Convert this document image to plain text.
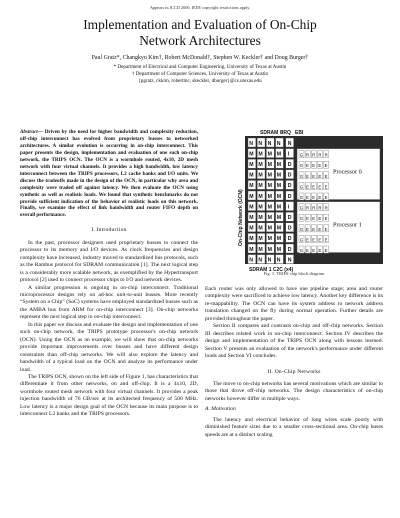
Appears in ICCD 2006. IEEE copyright restrictions apply.
Implementation and Evaluation of On-Chip
Network Architectures
Paul Gratz*, Changkyu Kim†, Robert McDonald†, Stephen W. Keckler† and Doug Burger†
* Department of Electrical and Computer Engineering, University of Texas at Austin
† Department of Computer Sciences, University of Texas at Austin
{pgratz, ckkim, robertmc, skeckler, dburger}@cs.utexas.edu
Abstract— Driven by the need for higher bandwidth and complexity reduction, off-chip interconnect has evolved from proprietary busses to networked architectures. A similar evolution is occurring in on-chip interconnect. This paper presents the design, implementation and evaluation of one such on-chip network, the TRIPS OCN. The OCN is a wormhole routed, 4x10, 2D mesh network with four virtual channels. It provides a high bandwidth, low latency interconnect between the TRIPS processors, L2 cache banks and I/O units. We discuss the tradeoffs made in the design of the OCN, in particular why area and complexity were traded off against latency. We then evaluate the OCN using synthetic as well as realistic loads. We found that synthetic benchmarks do not provide sufficient indication of the behavior of realistic loads on this network. Finally, we examine the effect of link bandwidth and router FIFO depth on overall performance.
I. Introduction

In the past, processor designers used proprietary busses to connect the processor to its memory and I/O devices. As clock frequencies and design complexity have increased, industry moved to standardized bus protocols, such as the Rambus protocol for SDRAM communication [1]. The next logical step is a considerably more scalable network, as exemplified by the Hypertransport protocol [2] used to connect processor chips to I/O and network devices.

A similar progression is ongoing in on-chip interconnect. Traditional microprocessor designs rely on ad-hoc unit-to-unit busses. More recently “System on a Chip” (SoC) systems have employed standardized busses such as the AMBA bus from ARM for on-chip interconnect [3]. On-chip networks represent the next logical step in on-chip interconnect.

In this paper we discuss and evaluate the design and implementation of one such on-chip network, the TRIPS prototype processor's on-chip network (OCN). Using the OCN as an example, we will show that on-chip networks provide important improvements over busses and have different design constraints than off-chip networks. We will also explore the latency and bandwidth of a typical load on the OCN and analyze its performance under load.

The TRIPS OCN, shown on the left side of Figure 1, has characteristics that differentiate it from other networks, on and off-chip. It is a 4x10, 2D, wormhole routed mesh network with four virtual channels. It provides a peak injection bandwidth of 76 GB/sec at its architected frequency of 500 MHz. Low latency is a major design goal of the OCN because its main purpose is to interconnect L2 banks and the TRIPS processors.

SDRAM 0 IRQ EBI
N N N N N
M M M M I
M M M M D
M M M M D
M M M M D
M M M M D
M M M M I
M M M M D
M M M M D
M M M M D
M M M M D
N N N N N
G R R R R
G E E E E
G E E E E
G E E E E
G E E E E
Processor 0
G R R R R
G E E E E
G E E E E
G E E E E
G E E E E
Processor 1
On-Chip Network (OCN)
SDRAM 1 C2C (x4)
Fig. 1. TRIPS chip block diagram

Each router was only allowed to have one pipeline stage; area and router complexity were sacrificed to achieve low latency. Another key difference is its re-mappability. The OCN can have its system address to network address translation changed on the fly during normal operation. Further details are provided throughout the paper.

Section II compares and contrasts on-chip and off-chip networks. Section III describes related work in on-chip interconnect. Section IV describes the design and implementation of the TRIPS OCN along with lessons learned. Section V presents an evaluation of the network's performance under different loads and Section VI concludes.

II. On-Chip Networks

The move to on-chip networks has several motivations which are similar to those that drove off-chip networks. The design characteristics of on-chip networks however differ in multiple ways.

A. Motivation

The latency and electrical behavior of long wires scale poorly with diminished feature sizes due to a smaller cross-sectional area. On-chip buses speeds are at a distinct scaling
